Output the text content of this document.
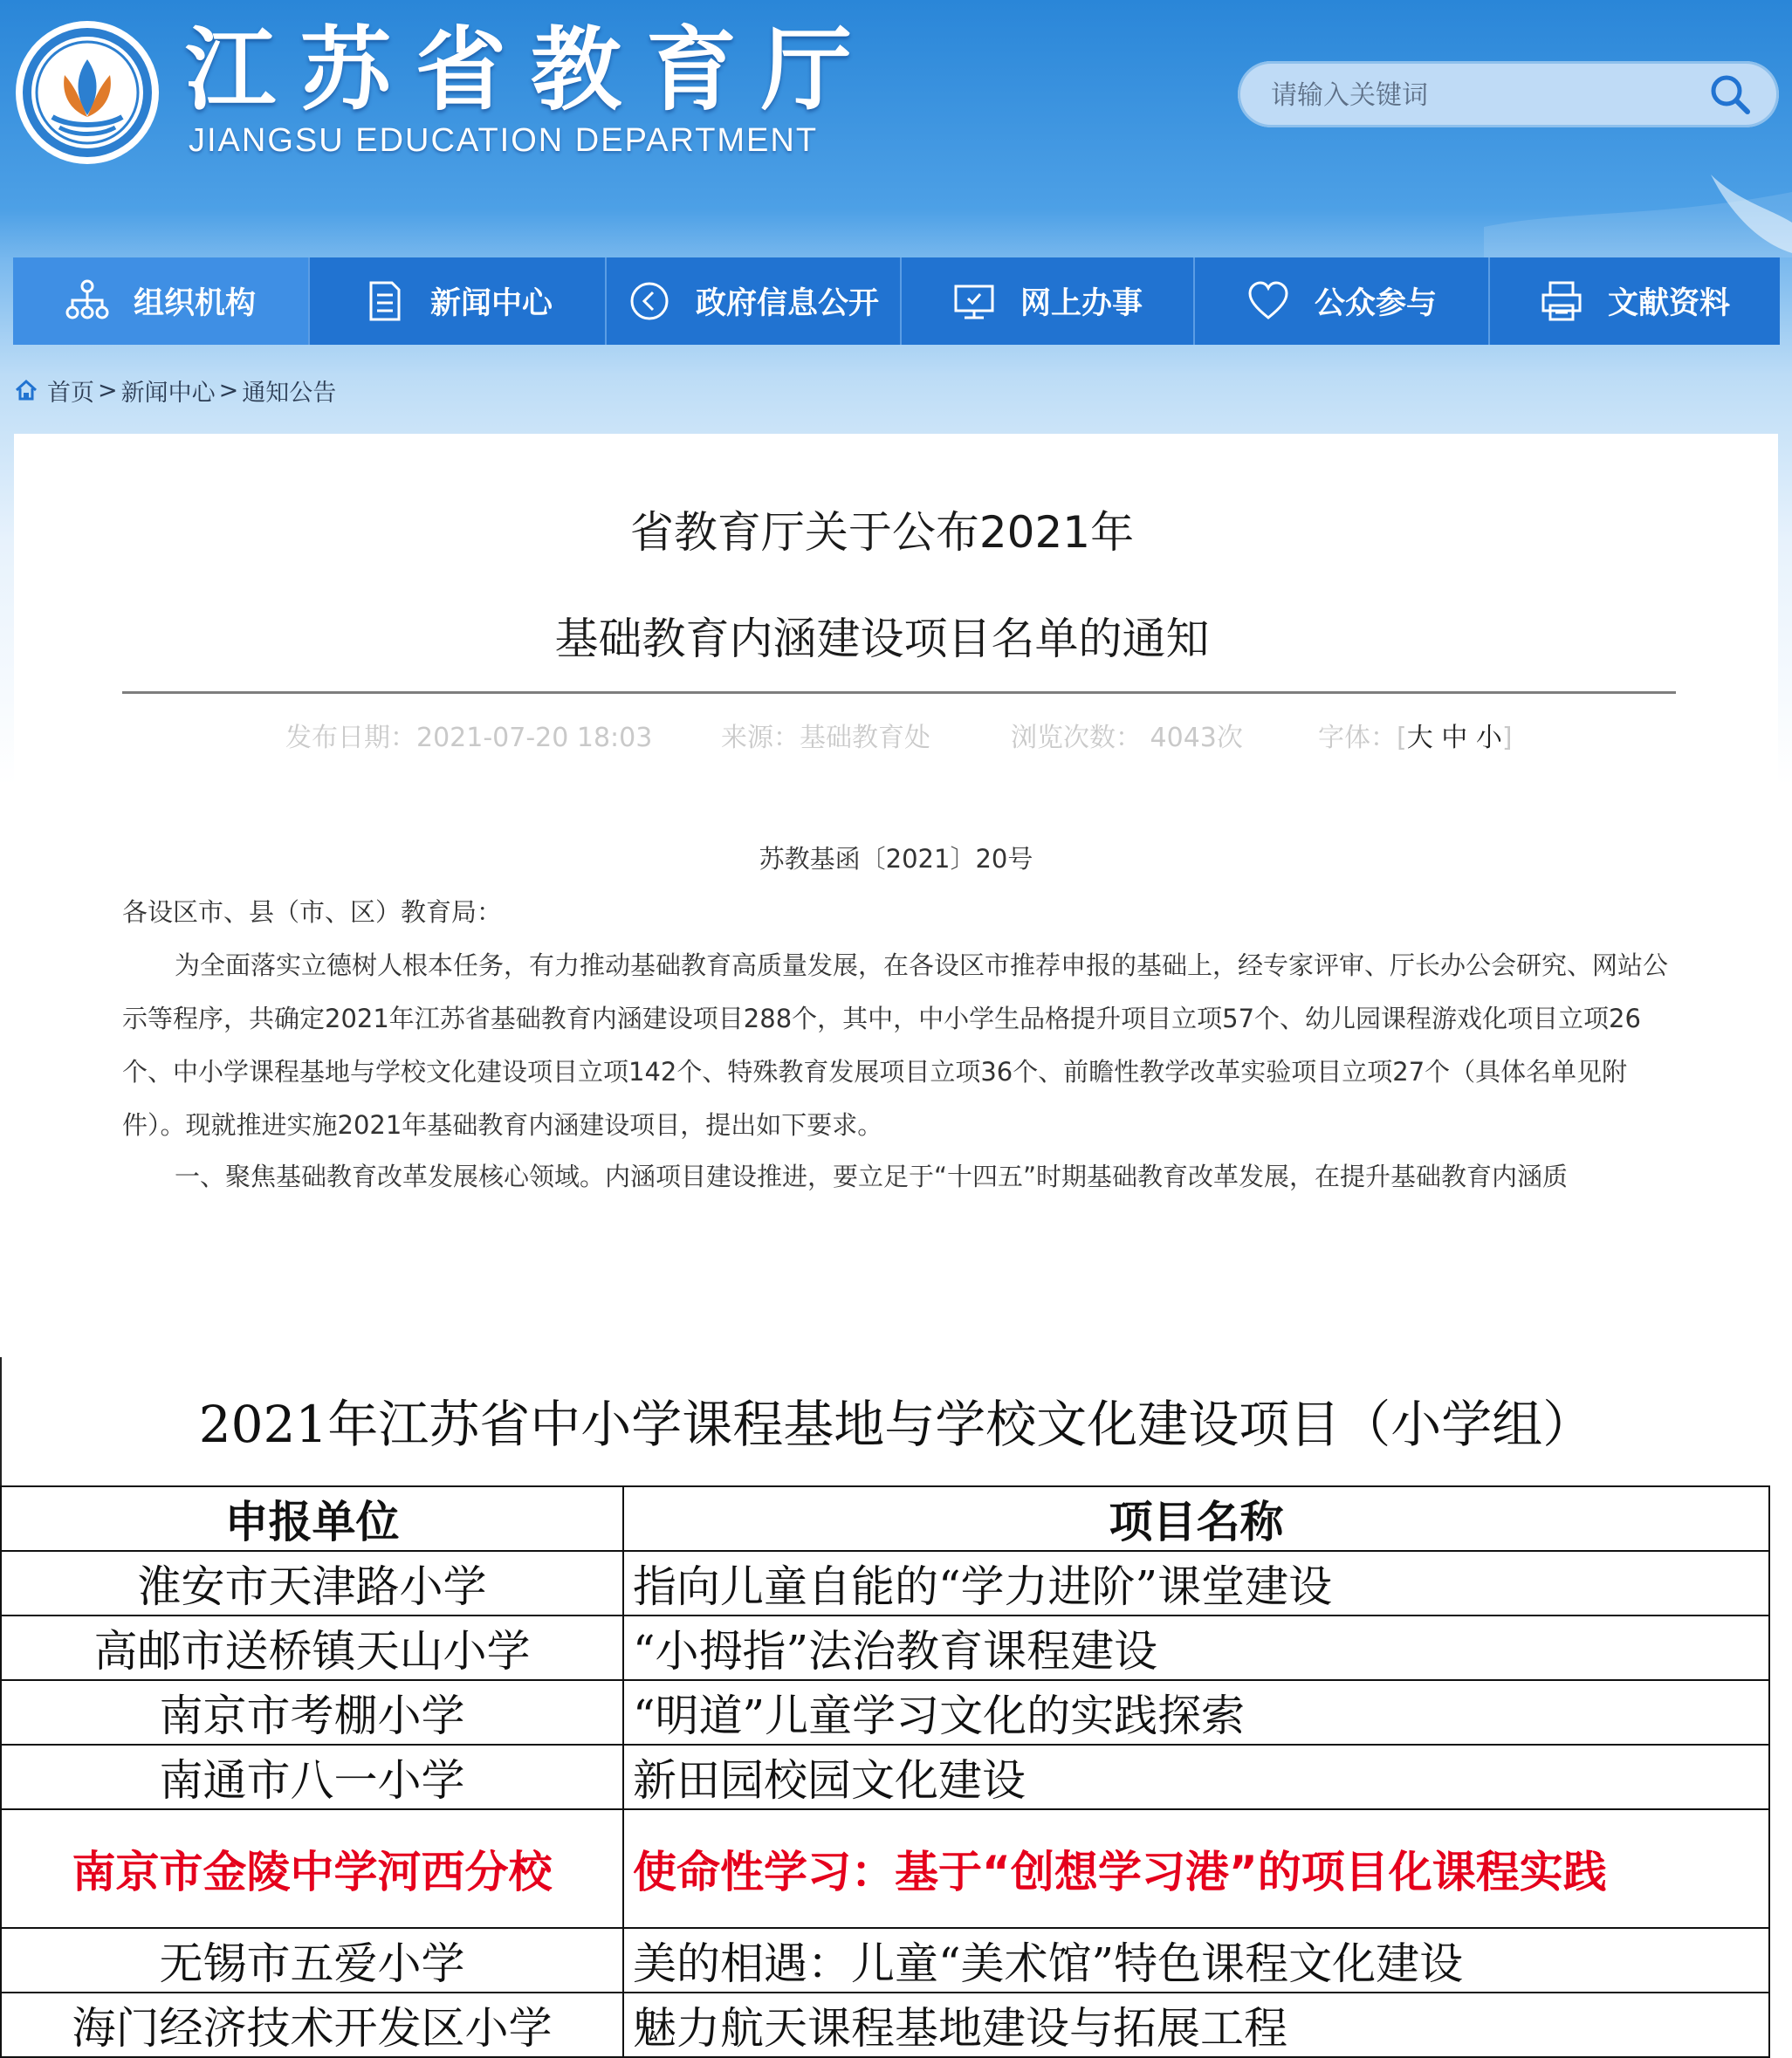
江苏省教育厅
JIANGSU EDUCATION DEPARTMENT
请输入关键词
组织机构	新闻中心	政府信息公开	网上办事	公众参与	文献资料
首页 > 新闻中心 > 通知公告
省教育厅关于公布2021年
基础教育内涵建设项目名单的通知
发布日期：2021-07-20 18:03	来源：基础教育处	浏览次数： 4043次	字体：[大 中 小]
苏教基函〔2021〕20号
各设区市、县（市、区）教育局：
为全面落实立德树人根本任务，有力推动基础教育高质量发展，在各设区市推荐申报的基础上，经专家评审、厅长办公会研究、网站公示等程序，共确定2021年江苏省基础教育内涵建设项目288个，其中，中小学生品格提升项目立项57个、幼儿园课程游戏化项目立项26个、中小学课程基地与学校文化建设项目立项142个、特殊教育发展项目立项36个、前瞻性教学改革实验项目立项27个（具体名单见附件）。现就推进实施2021年基础教育内涵建设项目，提出如下要求。
一、聚焦基础教育改革发展核心领域。内涵项目建设推进，要立足于“十四五”时期基础教育改革发展，在提升基础教育内涵质
2021年江苏省中小学课程基地与学校文化建设项目（小学组）
申报单位	项目名称
淮安市天津路小学	指向儿童自能的“学力进阶”课堂建设
高邮市送桥镇天山小学	“小拇指”法治教育课程建设
南京市考棚小学	“明道”儿童学习文化的实践探索
南通市八一小学	新田园校园文化建设
南京市金陵中学河西分校	使命性学习：基于“创想学习港”的项目化课程实践
无锡市五爱小学	美的相遇：儿童“美术馆”特色课程文化建设
海门经济技术开发区小学	魅力航天课程基地建设与拓展工程
